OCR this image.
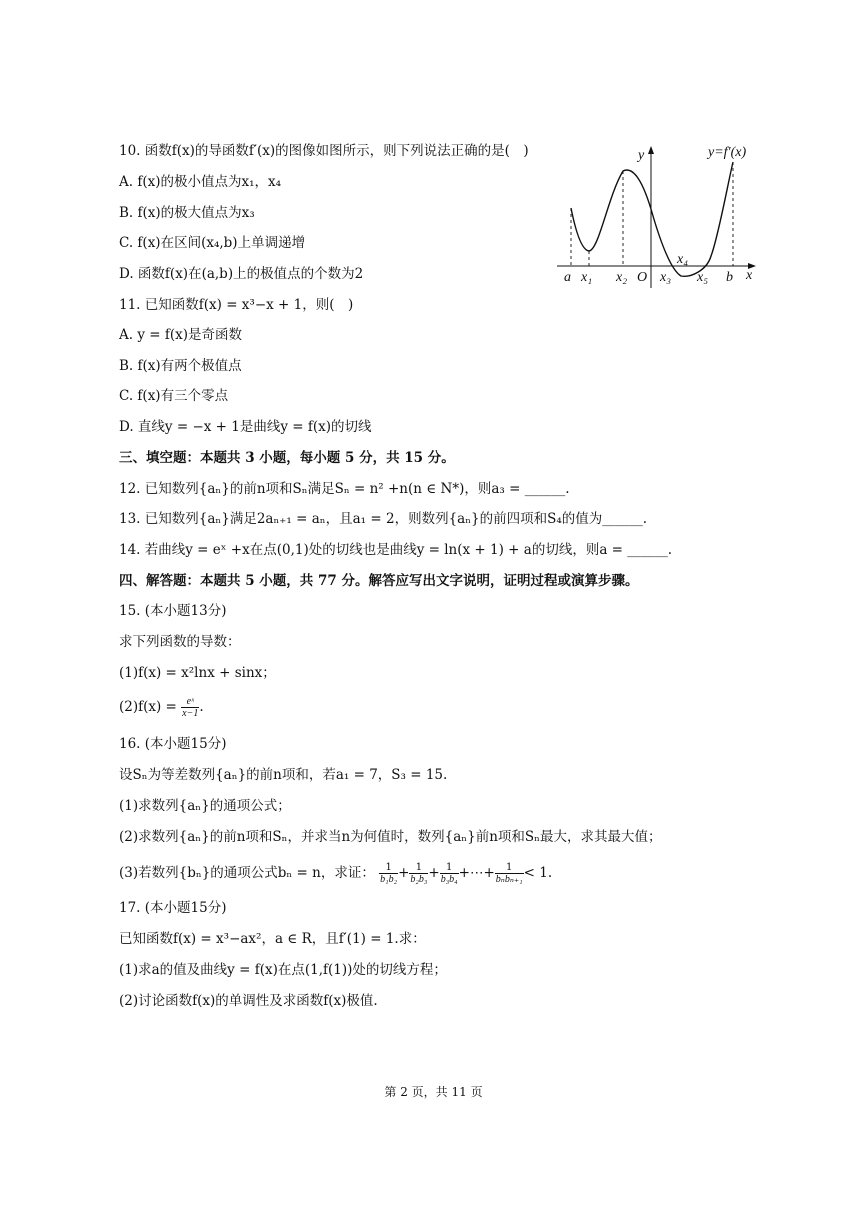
10. 函数f(x)的导函数f′(x)的图像如图所示，则下列说法正确的是(　)
A. f(x)的极小值点为x₁，x₄
B. f(x)的极大值点为x₃
C. f(x)在区间(x₄,b)上单调递增
D. 函数f(x)在(a,b)上的极值点的个数为2
y=f′(x)
y
x
O
a x₁ x₂ x₃
x₄
x₅ b
11. 已知函数f(x) = x³−x + 1，则(　)
A. y = f(x)是奇函数
B. f(x)有两个极值点
C. f(x)有三个零点
D. 直线y = −x + 1是曲线y = f(x)的切线
三、填空题：本题共 3 小题，每小题 5 分，共 15 分。
12. 已知数列{aₙ}的前n项和Sₙ满足Sₙ = n² +n(n ∈ N*)，则a₃ = ______.
13. 已知数列{aₙ}满足2aₙ₊₁ = aₙ，且a₁ = 2，则数列{aₙ}的前四项和S₄的值为______.
14. 若曲线y = eˣ +x在点(0,1)处的切线也是曲线y = ln(x + 1) + a的切线，则a = ______.
四、解答题：本题共 5 小题，共 77 分。解答应写出文字说明，证明过程或演算步骤。
15. (本小题13分)
求下列函数的导数：
(1)f(x) = x²lnx + sinx；
$(2)f(x) = \frac{\text{eˣ}}{x-1}$ .
16. (本小题15分)
设Sₙ为等差数列{aₙ}的前n项和，若a₁ = 7，S₃ = 15.
(1)求数列{aₙ}的通项公式；
(2)求数列{aₙ}的前n项和Sₙ，并求当n为何值时，数列{aₙ}前n项和Sₙ最大，求其最大值；
(3)若数列{bₙ}的通项公式bₙ = n，求证： $\frac{1}{\text{b₁b₂}} + \frac{1}{\text{b₂b₃}} + \frac{1}{\text{b₃b₄}}$ +⋯+ $\frac{1}{\text{bₙbₙ₊₁}} < 1$.
17. (本小题15分)
已知函数f(x) = x³−ax²，a ∈ R，且f′(1) = 1.求：
(1)求a的值及曲线y = f(x)在点(1,f(1))处的切线方程；
(2)讨论函数f(x)的单调性及求函数f(x)极值.
第 2 页，共 11 页
